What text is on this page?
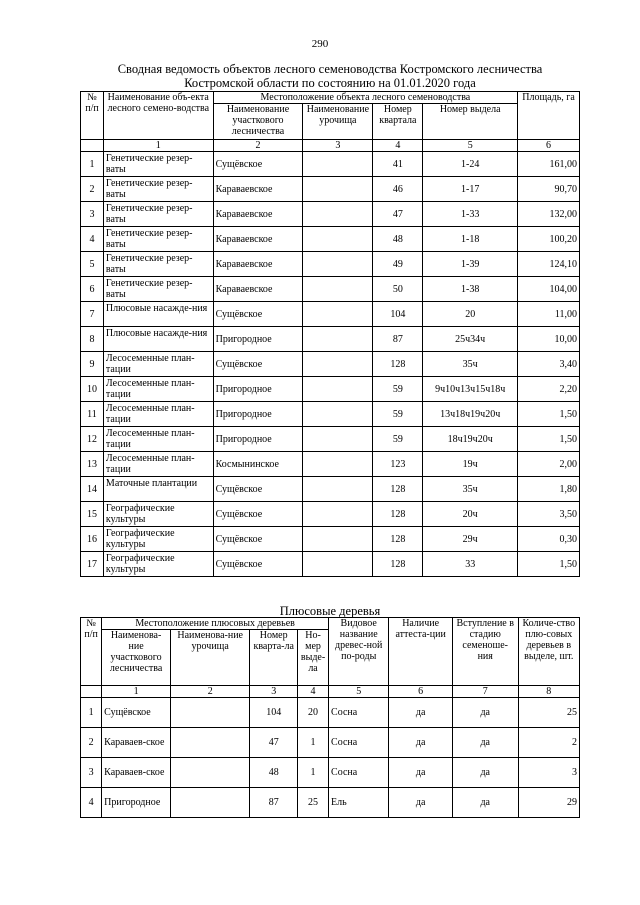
290
Сводная ведомость объектов лесного семеноводства Костромского лесничества
Костромской области по состоянию на 01.01.2020 года
№ п/п	Наименование объ-екта лесного семено-водства	Местоположение объекта лесного семеноводства				Площадь, га
		Наименование участкового лесничества	Наименование урочища	Номер квартала	Номер выдела	
	1	2	3	4	5	6
1	Генетические резер-ваты	Сущёвское		41	1-24	161,00
2	Генетические резер-ваты	Караваевское		46	1-17	90,70
3	Генетические резер-ваты	Караваевское		47	1-33	132,00
4	Генетические резер-ваты	Караваевское		48	1-18	100,20
5	Генетические резер-ваты	Караваевское		49	1-39	124,10
6	Генетические резер-ваты	Караваевское		50	1-38	104,00
7	Плюсовые насажде-ния	Сущёвское		104	20	11,00
8	Плюсовые насажде-ния	Пригородное		87	25ч34ч	10,00
9	Лесосеменные план-тации	Сущёвское		128	35ч	3,40
10	Лесосеменные план-тации	Пригородное		59	9ч10ч13ч15ч18ч	2,20
11	Лесосеменные план-тации	Пригородное		59	13ч18ч19ч20ч	1,50
12	Лесосеменные план-тации	Пригородное		59	18ч19ч20ч	1,50
13	Лесосеменные план-тации	Космынинское		123	19ч	2,00
14	Маточные плантации	Сущёвское		128	35ч	1,80
15	Географические культуры	Сущёвское		128	20ч	3,50
16	Географические культуры	Сущёвское		128	29ч	0,30
17	Географические культуры	Сущёвское		128	33	1,50
Плюсовые деревья
№ п/п	Местоположение плюсовых деревьев				Видовое название древес-ной по-роды	Наличие аттеста-ции	Вступление в стадию семеноше-ния	Количе-ство плю-совых деревьев в выделе, шт.
	Наименова-ние участкового лесничества	Наименова-ние урочища	Номер кварта-ла	Но-мер выде-ла				
	1	2	3	4	5	6	7	8
1	Сущёвское		104	20	Сосна	да	да	25
2	Караваев-ское		47	1	Сосна	да	да	2
3	Караваев-ское		48	1	Сосна	да	да	3
4	Пригородное		87	25	Ель	да	да	29
